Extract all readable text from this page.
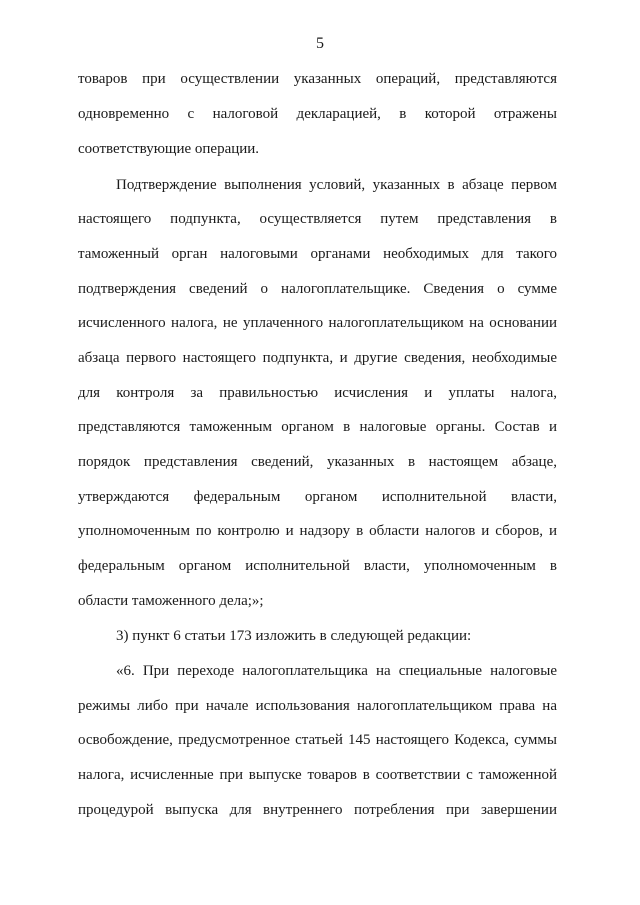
5
товаров при осуществлении указанных операций, представляются
одновременно с налоговой декларацией, в которой отражены
соответствующие операции.
Подтверждение выполнения условий, указанных в абзаце первом
настоящего подпункта, осуществляется путем представления в
таможенный орган налоговыми органами необходимых для такого
подтверждения сведений о налогоплательщике. Сведения о сумме
исчисленного налога, не уплаченного налогоплательщиком на основании
абзаца первого настоящего подпункта, и другие сведения, необходимые
для контроля за правильностью исчисления и уплаты налога,
представляются таможенным органом в налоговые органы. Состав и
порядок представления сведений, указанных в настоящем абзаце,
утверждаются федеральным органом исполнительной власти,
уполномоченным по контролю и надзору в области налогов и сборов, и
федеральным органом исполнительной власти, уполномоченным в
области таможенного дела;»;
3) пункт 6 статьи 173 изложить в следующей редакции:
«6. При переходе налогоплательщика на специальные налоговые
режимы либо при начале использования налогоплательщиком права на
освобождение, предусмотренное статьей 145 настоящего Кодекса, суммы
налога, исчисленные при выпуске товаров в соответствии с таможенной
процедурой выпуска для внутреннего потребления при завершении
